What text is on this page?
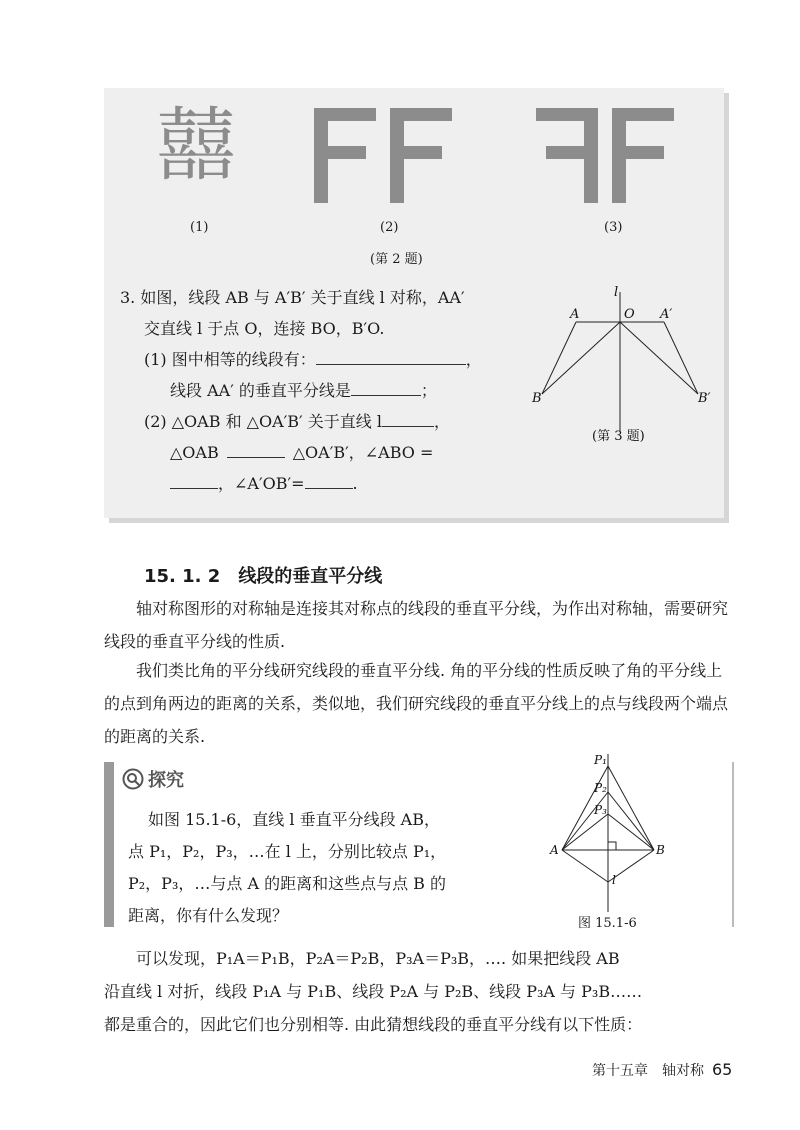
囍
(1)	(2)	(3)
(第 2 题)

3. 如图，线段 AB 与 A′B′ 关于直线 l 对称，AA′

交直线 l 于点 O，连接 BO，B′O.

(1) 图中相等的线段有：	，

线段 AA′ 的垂直平分线是	；

(2) △OAB 和 △OA′B′ 关于直线 l	，

△OAB	△OA′B′，∠ABO =

，∠A′OB′=	.

l
A	O A′
B	B′
(第 3 题)
15. 1. 2 线段的垂直平分线

轴对称图形的对称轴是连接其对称点的线段的垂直平分线，为作出对称轴，需要研究线段的垂直平分线的性质.

我们类比角的平分线研究线段的垂直平分线. 角的平分线的性质反映了角的平分线上的点到角两边的距离的关系，类似地，我们研究线段的垂直平分线上的点与线段两个端点的距离的关系.

探究

如图 15.1-6，直线 l 垂直平分线段 AB，

点 P₁，P₂，P₃，…在 l 上，分别比较点 P₁，

P₂，P₃，…与点 A 的距离和这些点与点 B 的

距离，你有什么发现？

P₁
P₂
P₃
A	B
l
图 15.1-6
可以发现，P₁A＝P₁B，P₂A＝P₂B，P₃A＝P₃B，…. 如果把线段 AB
沿直线 l 对折，线段 P₁A 与 P₁B、线段 P₂A 与 P₂B、线段 P₃A 与 P₃B……
都是重合的，因此它们也分别相等. 由此猜想线段的垂直平分线有以下性质：
第十五章　轴对称 65
